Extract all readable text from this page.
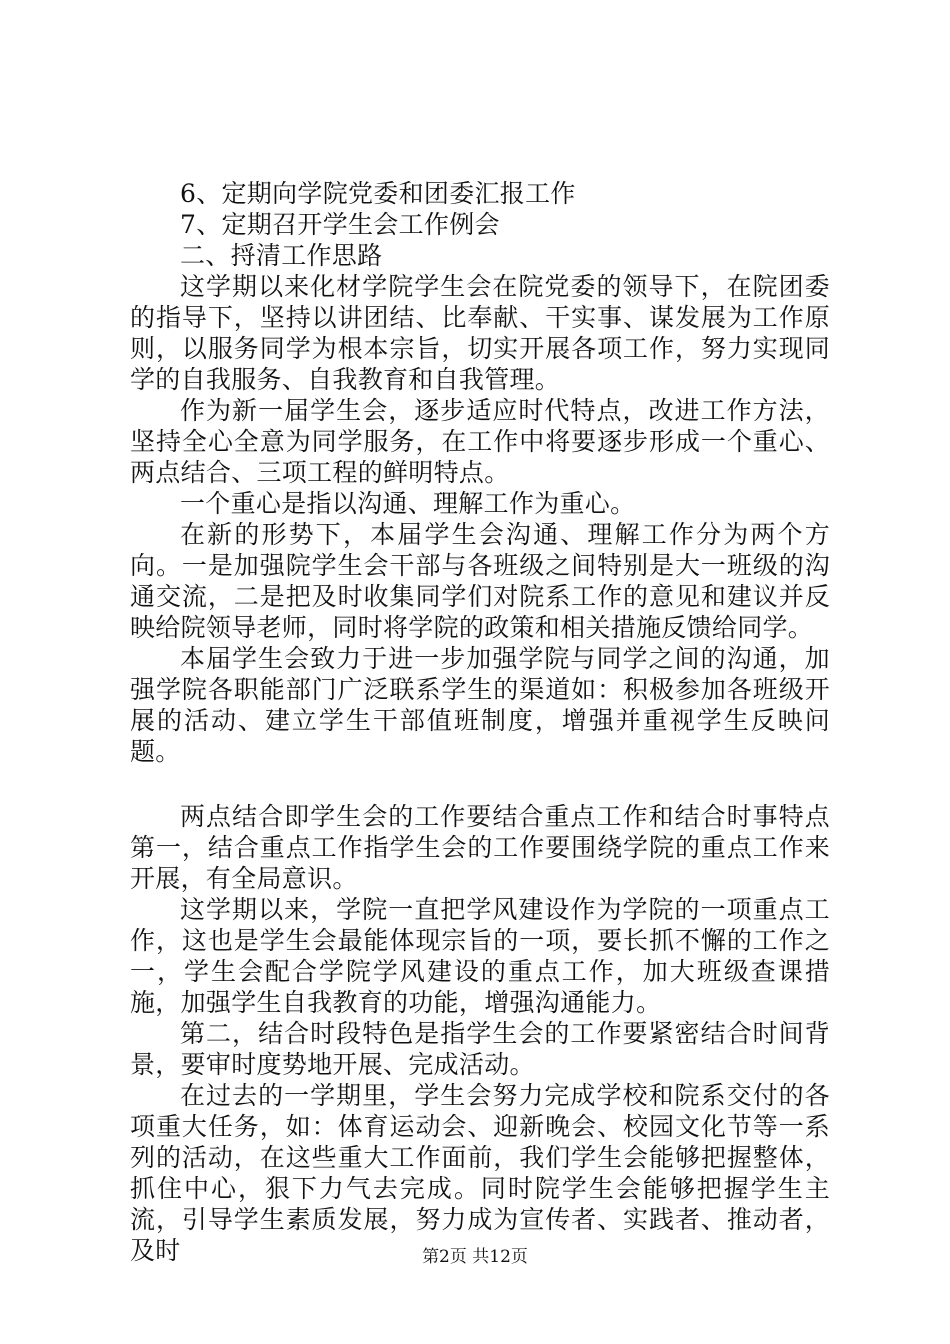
6、定期向学院党委和团委汇报工作

7、定期召开学生会工作例会

二、捋清工作思路

这学期以来化材学院学生会在院党委的领导下，在院团委的指导下，坚持以讲团结、比奉献、干实事、谋发展为工作原则，以服务同学为根本宗旨，切实开展各项工作，努力实现同学的自我服务、自我教育和自我管理。

作为新一届学生会，逐步适应时代特点，改进工作方法，坚持全心全意为同学服务，在工作中将要逐步形成一个重心、两点结合、三项工程的鲜明特点。

一个重心是指以沟通、理解工作为重心。

在新的形势下，本届学生会沟通、理解工作分为两个方向。一是加强院学生会干部与各班级之间特别是大一班级的沟通交流，二是把及时收集同学们对院系工作的意见和建议并反映给院领导老师，同时将学院的政策和相关措施反馈给同学。

本届学生会致力于进一步加强学院与同学之间的沟通，加强学院各职能部门广泛联系学生的渠道如：积极参加各班级开展的活动、建立学生干部值班制度，增强并重视学生反映问题。

两点结合即学生会的工作要结合重点工作和结合时事特点第一，结合重点工作指学生会的工作要围绕学院的重点工作来开展，有全局意识。

这学期以来，学院一直把学风建设作为学院的一项重点工作，这也是学生会最能体现宗旨的一项，要长抓不懈的工作之一，学生会配合学院学风建设的重点工作，加大班级查课措施，加强学生自我教育的功能，增强沟通能力。

第二，结合时段特色是指学生会的工作要紧密结合时间背景，要审时度势地开展、完成活动。

在过去的一学期里，学生会努力完成学校和院系交付的各项重大任务，如：体育运动会、迎新晚会、校园文化节等一系列的活动，在这些重大工作面前，我们学生会能够把握整体，抓住中心，狠下力气去完成。同时院学生会能够把握学生主流，引导学生素质发展，努力成为宣传者、实践者、推动者，及时	第2页 共12页
